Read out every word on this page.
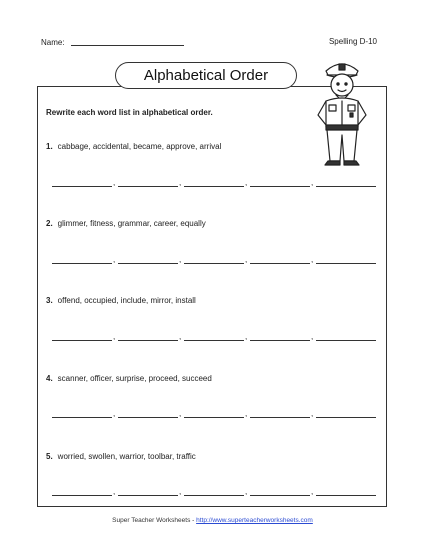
Name:	Spelling D-10
Alphabetical Order
Rewrite each word list in alphabetical order.
1. cabbage, accidental, became, approve, arrival
,	,	,	,
2. glimmer, fitness, grammar, career, equally
,	,	,	,
3. offend, occupied, include, mirror, install
,	,	,	,
4. scanner, officer, surprise, proceed, succeed
,	,	,	,
5. worried, swollen, warrior, toolbar, traffic
,	,	,	,
Super Teacher Worksheets - http://www.superteacherworksheets.com
